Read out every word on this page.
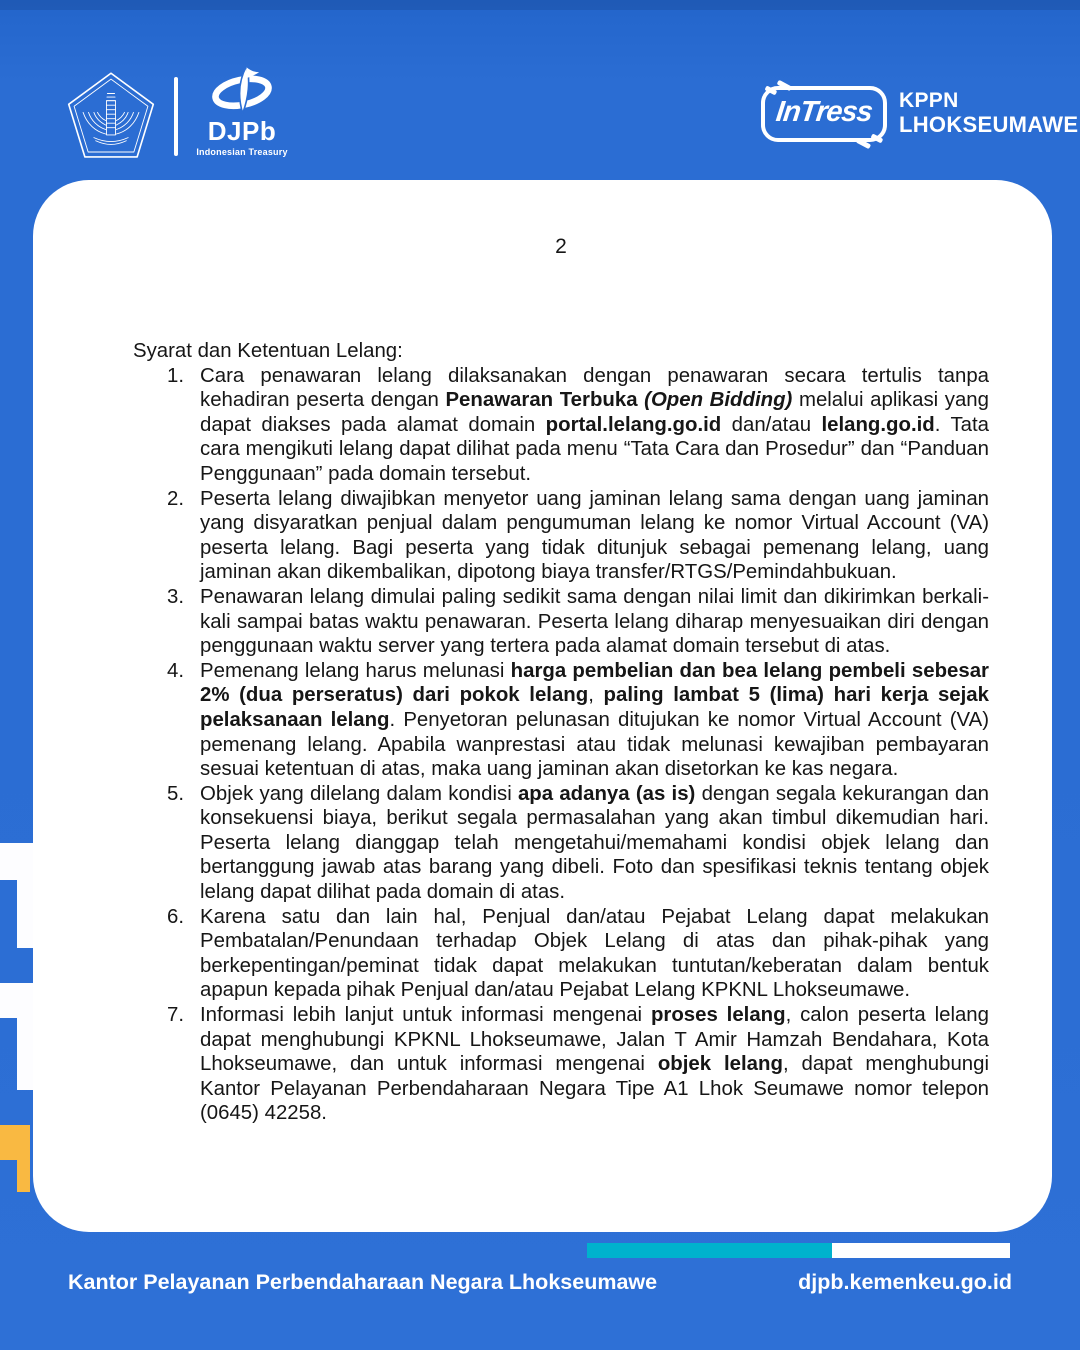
DJPb
Indonesian Treasury
InTress KPPN
LHOKSEUMAWE
2
Syarat dan Ketentuan Lelang:
1. Cara penawaran lelang dilaksanakan dengan penawaran secara tertulis tanpa kehadiran peserta dengan Penawaran Terbuka (Open Bidding) melalui aplikasi yang dapat diakses pada alamat domain portal.lelang.go.id dan/atau lelang.go.id. Tata cara mengikuti lelang dapat dilihat pada menu “Tata Cara dan Prosedur” dan “Panduan Penggunaan” pada domain tersebut.
2. Peserta lelang diwajibkan menyetor uang jaminan lelang sama dengan uang jaminan yang disyaratkan penjual dalam pengumuman lelang ke nomor Virtual Account (VA) peserta lelang. Bagi peserta yang tidak ditunjuk sebagai pemenang lelang, uang jaminan akan dikembalikan, dipotong biaya transfer/RTGS/Pemindahbukuan.
3. Penawaran lelang dimulai paling sedikit sama dengan nilai limit dan dikirimkan berkali- kali sampai batas waktu penawaran. Peserta lelang diharap menyesuaikan diri dengan penggunaan waktu server yang tertera pada alamat domain tersebut di atas.
4. Pemenang lelang harus melunasi harga pembelian dan bea lelang pembeli sebesar 2% (dua perseratus) dari pokok lelang, paling lambat 5 (lima) hari kerja sejak pelaksanaan lelang. Penyetoran pelunasan ditujukan ke nomor Virtual Account (VA) pemenang lelang. Apabila wanprestasi atau tidak melunasi kewajiban pembayaran sesuai ketentuan di atas, maka uang jaminan akan disetorkan ke kas negara.
5. Objek yang dilelang dalam kondisi apa adanya (as is) dengan segala kekurangan dan konsekuensi biaya, berikut segala permasalahan yang akan timbul dikemudian hari. Peserta lelang dianggap telah mengetahui/memahami kondisi objek lelang dan bertanggung jawab atas barang yang dibeli. Foto dan spesifikasi teknis tentang objek lelang dapat dilihat pada domain di atas.
6. Karena satu dan lain hal, Penjual dan/atau Pejabat Lelang dapat melakukan Pembatalan/Penundaan terhadap Objek Lelang di atas dan pihak-pihak yang berkepentingan/peminat tidak dapat melakukan tuntutan/keberatan dalam bentuk apapun kepada pihak Penjual dan/atau Pejabat Lelang KPKNL Lhokseumawe.
7. Informasi lebih lanjut untuk informasi mengenai proses lelang, calon peserta lelang dapat menghubungi KPKNL Lhokseumawe, Jalan T Amir Hamzah Bendahara, Kota Lhokseumawe, dan untuk informasi mengenai objek lelang, dapat menghubungi Kantor Pelayanan Perbendaharaan Negara Tipe A1 Lhok Seumawe nomor telepon (0645) 42258.
Kantor Pelayanan Perbendaharaan Negara Lhokseumawe	djpb.kemenkeu.go.id
